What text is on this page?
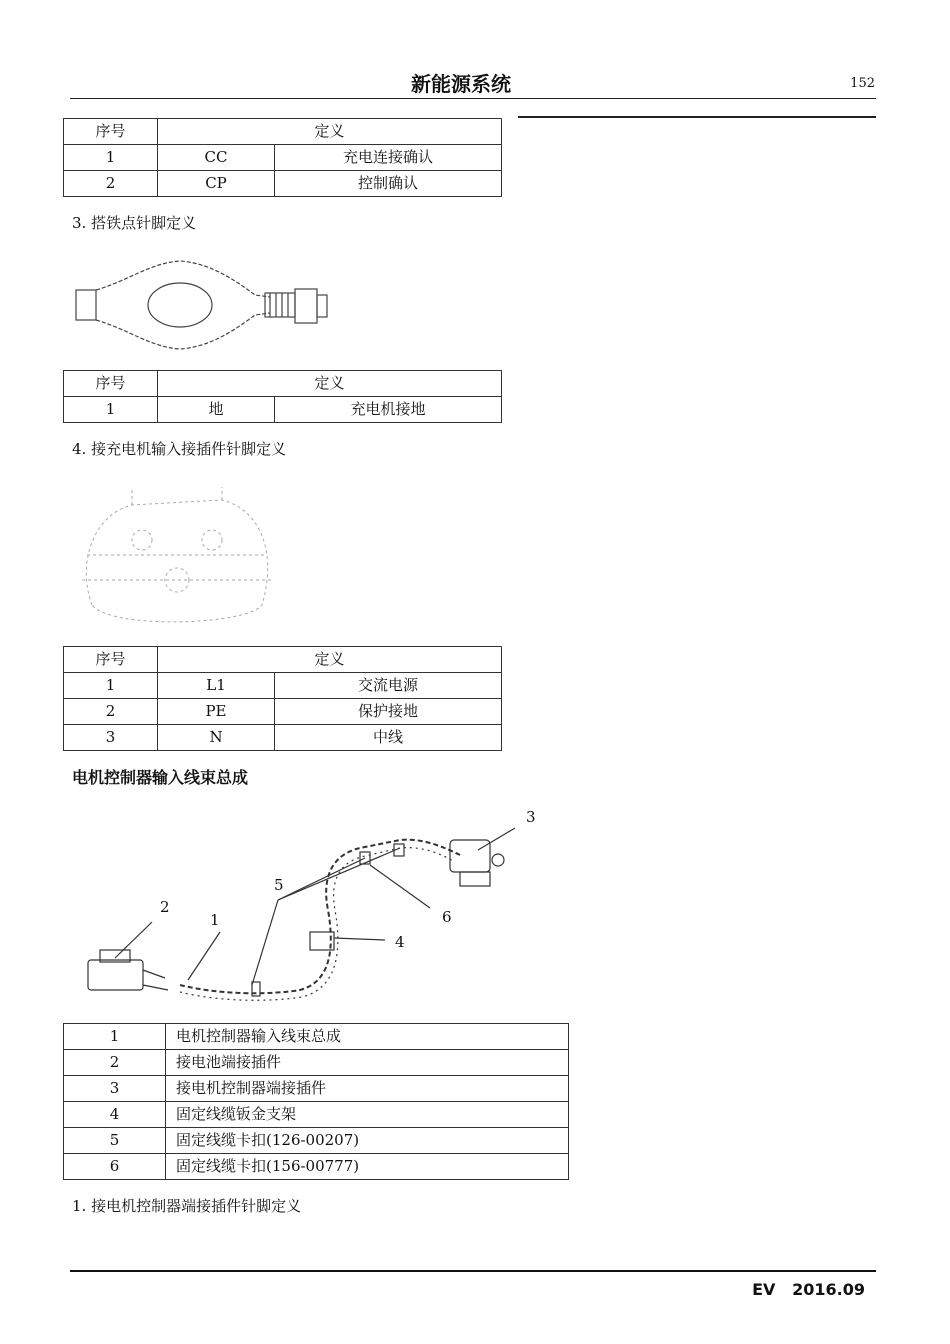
新能源系统	152
序号	定义	
1	CC	充电连接确认
2	CP	控制确认
3. 搭铁点针脚定义
序号	定义	
1	地	充电机接地
4. 接充电机输入接插件针脚定义
序号	定义	
1	L1	交流电源
2	PE	保护接地
3	N	中线
电机控制器输入线束总成
1
2
3
4
5
6
1	电机控制器输入线束总成
2	接电池端接插件
3	接电机控制器端接插件
4	固定线缆钣金支架
5	固定线缆卡扣(126-00207)
6	固定线缆卡扣(156-00777)
1. 接电机控制器端接插件针脚定义
EV 2016.09
